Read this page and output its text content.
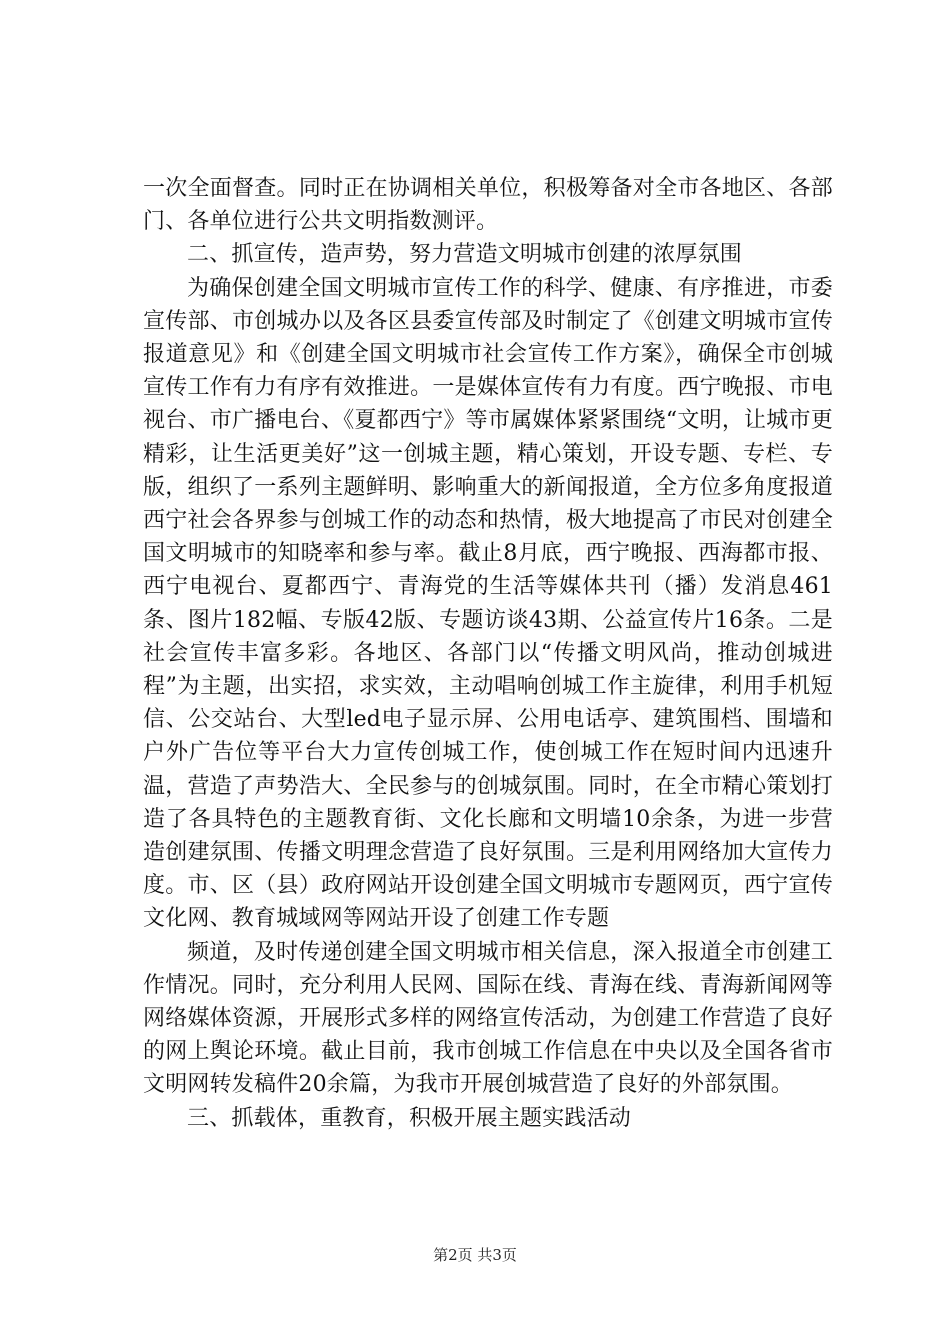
一次全面督查。同时正在协调相关单位，积极筹备对全市各地区、各部门、各单位进行公共文明指数测评。

二、抓宣传，造声势，努力营造文明城市创建的浓厚氛围

为确保创建全国文明城市宣传工作的科学、健康、有序推进，市委宣传部、市创城办以及各区县委宣传部及时制定了《创建文明城市宣传报道意见》和《创建全国文明城市社会宣传工作方案》，确保全市创城宣传工作有力有序有效推进。一是媒体宣传有力有度。西宁晚报、市电视台、市广播电台、《夏都西宁》等市属媒体紧紧围绕“文明，让城市更精彩，让生活更美好”这一创城主题，精心策划，开设专题、专栏、专版，组织了一系列主题鲜明、影响重大的新闻报道，全方位多角度报道西宁社会各界参与创城工作的动态和热情，极大地提高了市民对创建全国文明城市的知晓率和参与率。截止8月底，西宁晚报、西海都市报、西宁电视台、夏都西宁、青海党的生活等媒体共刊（播）发消息461条、图片182幅、专版42版、专题访谈43期、公益宣传片16条。二是社会宣传丰富多彩。各地区、各部门以“传播文明风尚，推动创城进程”为主题，出实招，求实效，主动唱响创城工作主旋律，利用手机短信、公交站台、大型led电子显示屏、公用电话亭、建筑围档、围墙和户外广告位等平台大力宣传创城工作，使创城工作在短时间内迅速升温，营造了声势浩大、全民参与的创城氛围。同时，在全市精心策划打造了各具特色的主题教育街、文化长廊和文明墙10余条，为进一步营造创建氛围、传播文明理念营造了良好氛围。三是利用网络加大宣传力度。市、区（县）政府网站开设创建全国文明城市专题网页，西宁宣传文化网、教育城域网等网站开设了创建工作专题

频道，及时传递创建全国文明城市相关信息，深入报道全市创建工作情况。同时，充分利用人民网、国际在线、青海在线、青海新闻网等网络媒体资源，开展形式多样的网络宣传活动，为创建工作营造了良好的网上舆论环境。截止目前，我市创城工作信息在中央以及全国各省市文明网转发稿件20余篇，为我市开展创城营造了良好的外部氛围。

三、抓载体，重教育，积极开展主题实践活动

第2页 共3页
